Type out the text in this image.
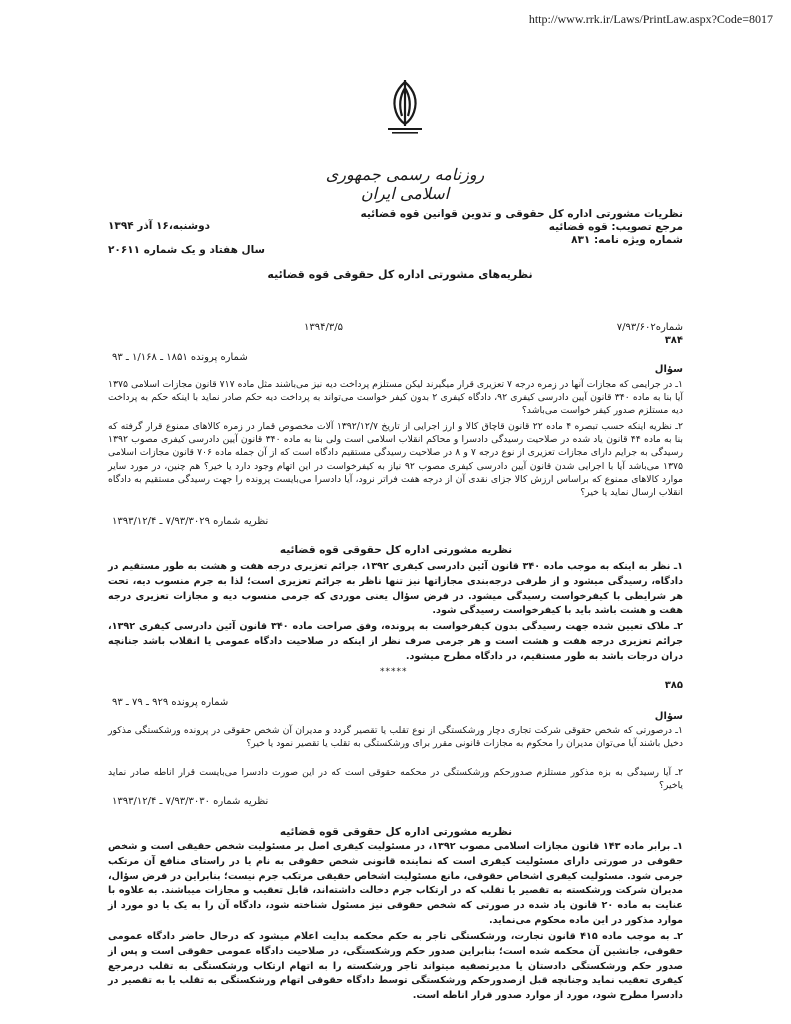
http://www.rrk.ir/Laws/PrintLaw.aspx?Code=8017
روزنامه رسمی جمهوری اسلامی ایران
نظریات مشورتی اداره کل حقوقی و تدوین قوانین قوه قضائیه
مرجع تصویب: قوه قضائیه
شماره ویژه نامه: ۸۳۱
دوشنبه،۱۶ آذر ۱۳۹۴
سال هفتاد و یک شماره ۲۰۶۱۱
نظریه‌های مشورتی اداره کل حقوقی قوه قضائیه
شماره۷/۹۳/۶۰۲
۳۸۴
۱۳۹۴/۳/۵
شماره پرونده ۱۸۵۱ ـ ۱/۱۶۸ ـ ۹۳
سؤال
۱ـ در جرایمی که مجازات آنها در زمره درجه ۷ تعزیری قرار میگیرند لیکن مستلزم پرداخت دیه نیز می‌باشند مثل ماده ۷۱۷ قانون مجازات اسلامی ۱۳۷۵ آیا بنا به ماده ۳۴۰ قانون آیین دادرسی کیفری ۹۲، دادگاه کیفری ۲ بدون کیفر خواست می‌تواند به پرداخت دیه حکم صادر نماید با اینکه حکم به پرداخت دیه مستلزم صدور کیفر خواست می‌باشد؟
۲ـ نظریه اینکه حسب تبصره ۴ ماده ۲۲ قانون قاچاق کالا و ارز اجرایی از تاریخ ۱۳۹۲/۱۲/۷ آلات مخصوص قمار در زمره کالاهای ممنوع قرار گرفته که بنا به ماده ۴۴ قانون یاد شده در صلاحیت رسیدگی دادسرا و محاکم انقلاب اسلامی است ولی بنا به ماده ۳۴۰ قانون آیین دادرسی کیفری مصوب ۱۳۹۲ رسیدگی به جرایم دارای مجازات تعزیری از نوع درجه ۷ و ۸ در صلاحیت رسیدگی مستقیم دادگاه است که از آن جمله ماده ۷۰۶ قانون مجازات اسلامی ۱۳۷۵ می‌باشد آیا با اجرایی شدن قانون آیین دادرسی کیفری مصوب ۹۲ نیاز به کیفرخواست در این اتهام وجود دارد یا خیر؟ هم چنین، در مورد سایر موارد کالاهای ممنوع که براساس ارزش کالا جزای نقدی آن از درجه هفت فراتر نرود، آیا دادسرا می‌بایست پرونده را جهت رسیدگی مستقیم به دادگاه انقلاب ارسال نماید یا خیر؟
نظریه شماره ۷/۹۳/۳۰۲۹ ـ ۱۳۹۳/۱۲/۴
نظریه مشورتی اداره کل حقوقی قوه قضائیه
۱ـ نظر به اینکه به موجب ماده ۳۴۰ قانون آئین دادرسی کیفری ۱۳۹۲، جرائم تعزیری درجه هفت و هشت به طور مستقیم در دادگاه، رسیدگی میشود و از طرفی درجه‌بندی مجازاتها نیز تنها ناظر به جرائم تعزیری است؛ لذا به جرم منسوب دیه، تحت هر شرایطی با کیفرخواست رسیدگی میشود. در فرض سؤال یعنی موردی که جرمی منسوب دیه و مجازات تعزیری درجه هفت و هشت باشد باید با کیفرخواست رسیدگی شود.
۲ـ ملاک تعیین شده جهت رسیدگی بدون کیفرخواست به پرونده، وفق صراحت ماده ۳۴۰ قانون آئین دادرسی کیفری ۱۳۹۲، جرائم تعزیری درجه هفت و هشت است و هر جرمی صرف نظر از اینکه در صلاحیت دادگاه عمومی یا انقلاب باشد جنانچه دران درجات باشد به طور مستقیم، در دادگاه مطرح میشود.
*****
۳۸۵
شماره پرونده ۹۲۹ ـ ۷۹ ـ ۹۳
سؤال
۱ـ درصورتی که شخص حقوقی شرکت تجاری دچار ورشکستگی از نوع تقلب یا تقصیر گردد و مدیران آن شخص حقوقی در پرونده ورشکستگی مذکور دخیل باشند آیا می‌توان مدیران را محکوم به مجازات قانونی مقرر برای ورشکستگی به تقلب یا تقصیر نمود یا خیر؟
۲ـ آیا رسیدگی به بزه مذکور مستلزم صدورحکم ورشکستگی در محکمه حقوقی است که در این صورت دادسرا می‌بایست قرار اناطه صادر نماید یاخیر؟
نظریه شماره ۷/۹۳/۳۰۳۰ ـ ۱۳۹۳/۱۲/۴
نظریه مشورتی اداره کل حقوقی قوه قضائیه
۱ـ برابر ماده ۱۴۳ قانون مجازات اسلامی مصوب ۱۳۹۲، در مسئولیت کیفری اصل بر مسئولیت شخص حقیقی است و شخص حقوقی در صورتی دارای مسئولیت کیفری است که نماینده قانونی شخص حقوقی به نام یا در راستای منافع آن مرتکب جرمی شود. مسئولیت کیفری اشخاص حقوقی، مانع مسئولیت اشخاص حقیقی مرتکب جرم نیست؛ بنابراین در فرض سؤال، مدیران شرکت ورشکسته به تقصیر یا تقلب که در ارتکاب جرم دخالت داشته‌اند، قابل تعقیب و مجازات میباشند. به علاوه با عنایت به ماده ۲۰ قانون یاد شده در صورتی که شخص حقوقی نیز مسئول شناخته شود، دادگاه آن را به یک یا دو مورد از موارد مذکور در این ماده محکوم می‌نماید.
۲ـ به موجب ماده ۴۱۵ قانون تجارت، ورشکستگی تاجر به حکم محکمه بدایت اعلام میشود که درحال حاضر دادگاه عمومی حقوقی، جانشین آن محکمه شده است؛ بنابراین صدور حکم ورشکستگی، در صلاحیت دادگاه عمومی حقوقی است و پس از صدور حکم ورشکستگی دادستان یا مدیرتصفیه میتواند تاجر ورشکسته را به اتهام ارتکاب ورشکستگی به تقلب درمرجع کیفری تعقیب نماید وجنانچه قبل ازصدورحکم ورشکستگی توسط دادگاه حقوقی اتهام ورشکستگی به تقلب یا به تقصیر در دادسرا مطرح شود، مورد از موارد صدور قرار اناطه است.
